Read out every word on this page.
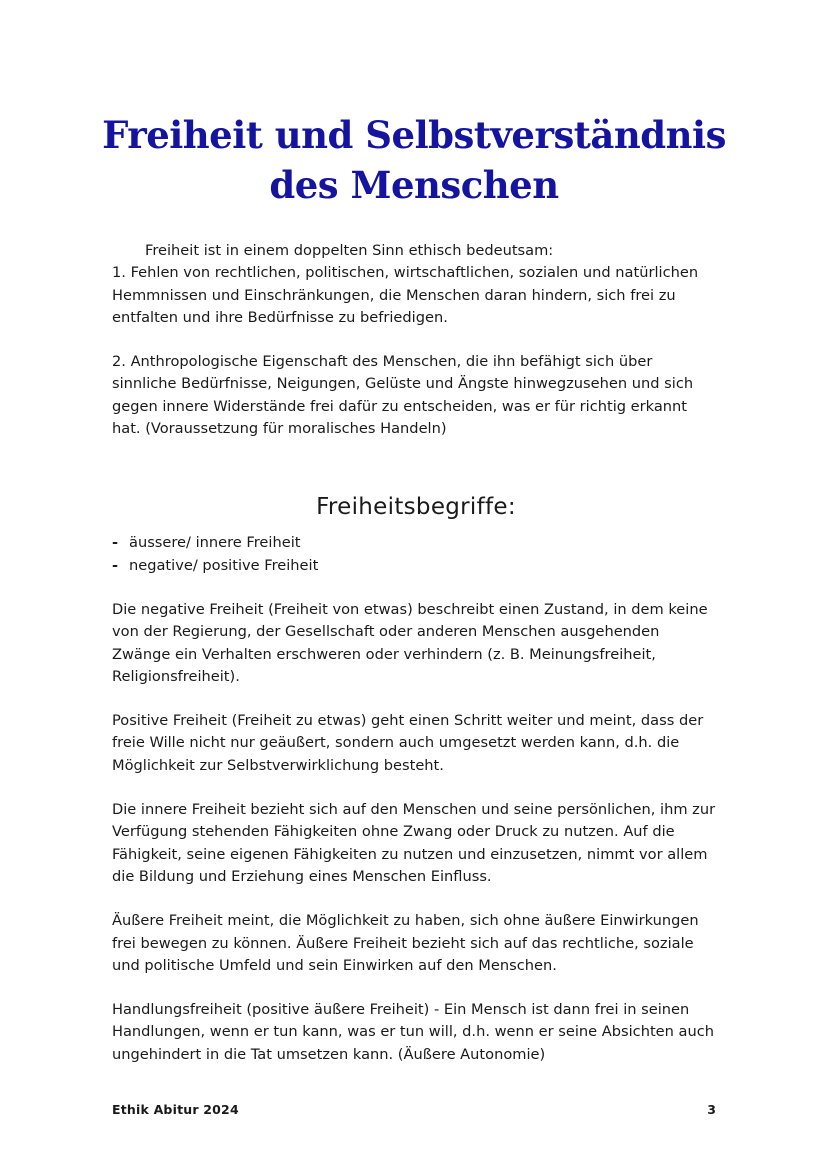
Freiheit und Selbstverständnis
des Menschen

Freiheit ist in einem doppelten Sinn ethisch bedeutsam:

1. Fehlen von rechtlichen, politischen, wirtschaftlichen, sozialen und natürlichen Hemmnissen und Einschränkungen, die Menschen daran hindern, sich frei zu entfalten und ihre Bedürfnisse zu befriedigen.

2. Anthropologische Eigenschaft des Menschen, die ihn befähigt sich über sinnliche Bedürfnisse, Neigungen, Gelüste und Ängste hinwegzusehen und sich gegen innere Widerstände frei dafür zu entscheiden, was er für richtig erkannt hat. (Voraussetzung für moralisches Handeln)

Freiheitsbegriffe:
- äussere/ innere Freiheit
- negative/ positive Freiheit

Die negative Freiheit (Freiheit von etwas) beschreibt einen Zustand, in dem keine von der Regierung, der Gesellschaft oder anderen Menschen ausgehenden Zwänge ein Verhalten erschweren oder verhindern (z. B. Meinungsfreiheit, Religionsfreiheit).

Positive Freiheit (Freiheit zu etwas) geht einen Schritt weiter und meint, dass der freie Wille nicht nur geäußert, sondern auch umgesetzt werden kann, d.h. die Möglichkeit zur Selbstverwirklichung besteht.

Die innere Freiheit bezieht sich auf den Menschen und seine persönlichen, ihm zur Verfügung stehenden Fähigkeiten ohne Zwang oder Druck zu nutzen. Auf die Fähigkeit, seine eigenen Fähigkeiten zu nutzen und einzusetzen, nimmt vor allem die Bildung und Erziehung eines Menschen Einfluss.

Äußere Freiheit meint, die Möglichkeit zu haben, sich ohne äußere Einwirkungen frei bewegen zu können. Äußere Freiheit bezieht sich auf das rechtliche, soziale und politische Umfeld und sein Einwirken auf den Menschen.

Handlungsfreiheit (positive äußere Freiheit) - Ein Mensch ist dann frei in seinen Handlungen, wenn er tun kann, was er tun will, d.h. wenn er seine Absichten auch ungehindert in die Tat umsetzen kann. (Äußere Autonomie)

Ethik Abitur 2024	3
